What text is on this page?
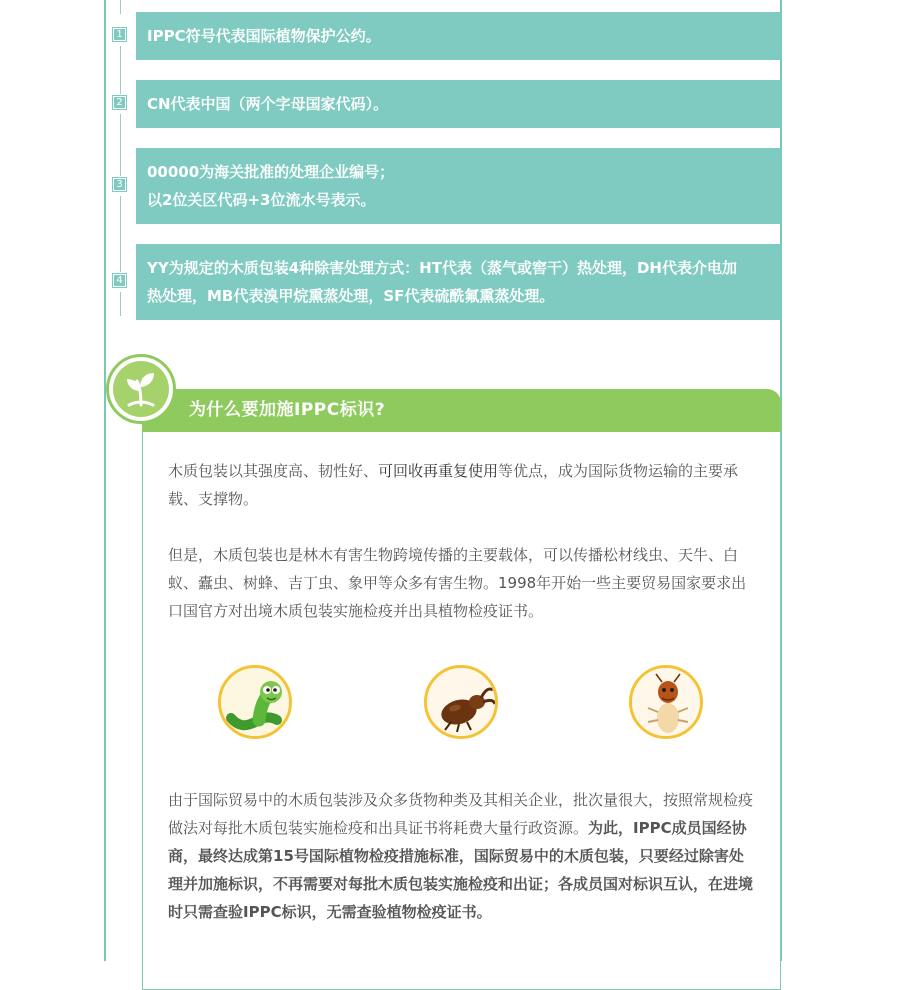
1 IPPC符号代表国际植物保护公约。
2 CN代表中国（两个字母国家代码）。
3
00000为海关批准的处理企业编号；
以2位关区代码+3位流水号表示。
4
YY为规定的木质包装4种除害处理方式：HT代表（蒸气或窖干）热处理，DH代表介电加
热处理，MB代表溴甲烷熏蒸处理，SF代表硫酰氟熏蒸处理。
为什么要加施IPPC标识?
木质包装以其强度高、韧性好、可回收再重复使用等优点，成为国际货物运输的主要承载、支撑物。
但是，木质包装也是林木有害生物跨境传播的主要载体，可以传播松材线虫、天牛、白蚁、蠹虫、树蜂、吉丁虫、象甲等众多有害生物。1998年开始一些主要贸易国家要求出口国官方对出境木质包装实施检疫并出具植物检疫证书。
由于国际贸易中的木质包装涉及众多货物种类及其相关企业，批次量很大，按照常规检疫做法对每批木质包装实施检疫和出具证书将耗费大量行政资源。为此，IPPC成员国经协商，最终达成第15号国际植物检疫措施标准，国际贸易中的木质包装，只要经过除害处理并加施标识，不再需要对每批木质包装实施检疫和出证；各成员国对标识互认，在进境时只需查验IPPC标识，无需查验植物检疫证书。
